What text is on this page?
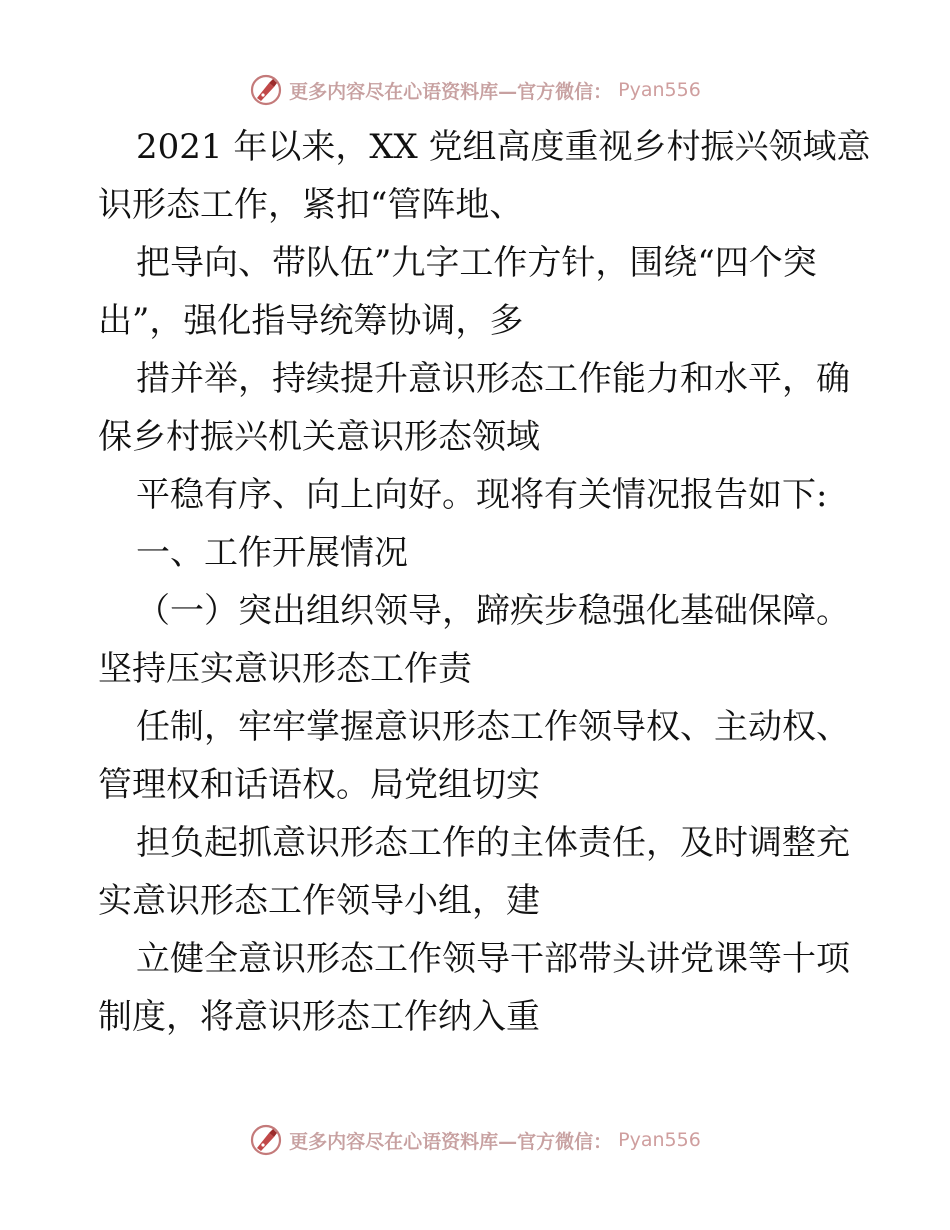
更多内容尽在心语资料库—官方微信： Pyan556

2021 年以来，XX 党组高度重视乡村振兴领域意

识形态工作，紧扣“管阵地、

把导向、带队伍”九字工作方针，围绕“四个突

出”，强化指导统筹协调，多

措并举，持续提升意识形态工作能力和水平，确

保乡村振兴机关意识形态领域

平稳有序、向上向好。现将有关情况报告如下:

一、工作开展情况

（一）突出组织领导，蹄疾步稳强化基础保障。

坚持压实意识形态工作责

任制，牢牢掌握意识形态工作领导权、主动权、

管理权和话语权。局党组切实

担负起抓意识形态工作的主体责任，及时调整充

实意识形态工作领导小组，建

立健全意识形态工作领导干部带头讲党课等十项

制度，将意识形态工作纳入重

更多内容尽在心语资料库—官方微信： Pyan556
